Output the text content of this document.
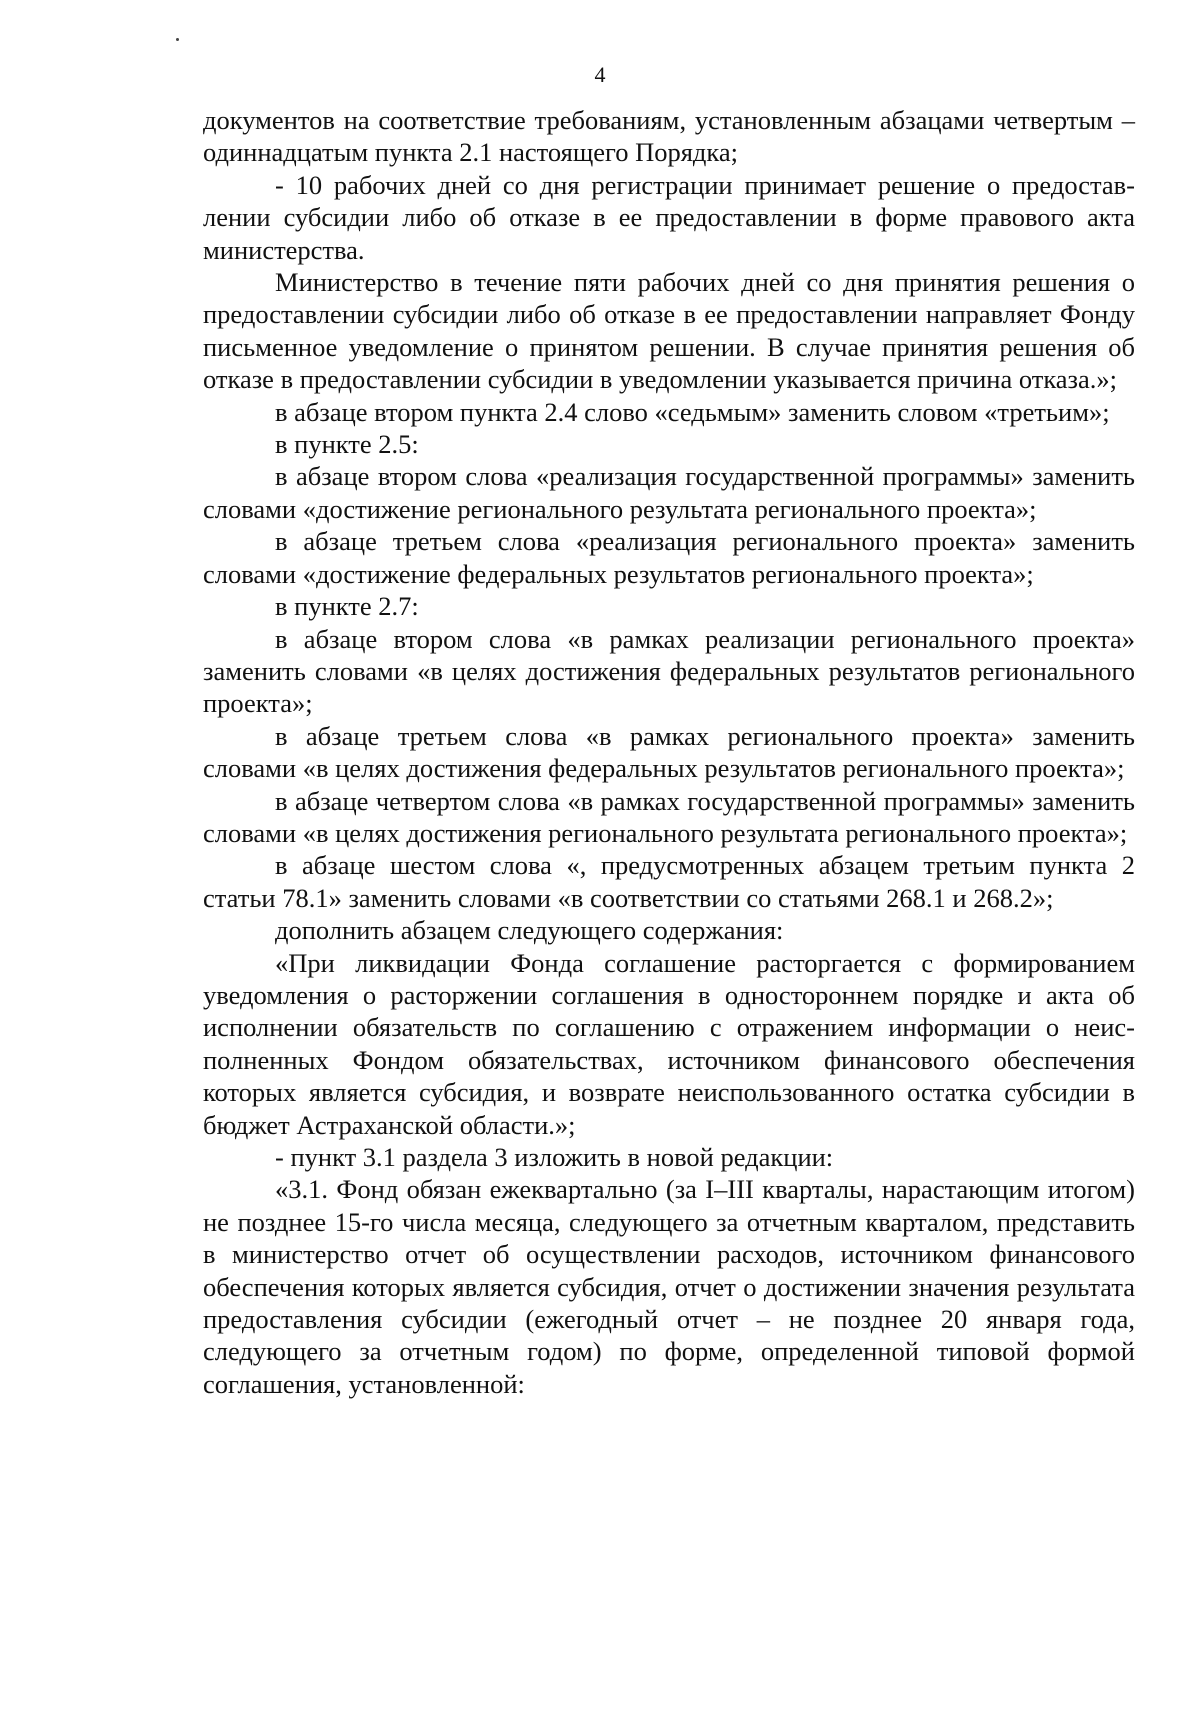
4

документов на соответствие требованиям, установленным абзацами четвертым – одиннадцатым пункта 2.1 настоящего Порядка;

- 10 рабочих дней со дня регистрации принимает решение о предоставлении субсидии либо об отказе в ее предоставлении в форме правового акта министерства.

Министерство в течение пяти рабочих дней со дня принятия решения о предоставлении субсидии либо об отказе в ее предоставлении направляет Фонду письменное уведомление о принятом решении. В случае принятия решения об отказе в предоставлении субсидии в уведомлении указывается причина отказа.»;

в абзаце втором пункта 2.4 слово «седьмым» заменить словом «третьим»;

в пункте 2.5:

в абзаце втором слова «реализация государственной программы» заменить словами «достижение регионального результата регионального проекта»;

в абзаце третьем слова «реализация регионального проекта» заменить словами «достижение федеральных результатов регионального проекта»;

в пункте 2.7:

в абзаце втором слова «в рамках реализации регионального проекта» заменить словами «в целях достижения федеральных результатов регионального проекта»;

в абзаце третьем слова «в рамках регионального проекта» заменить словами «в целях достижения федеральных результатов регионального проекта»;

в абзаце четвертом слова «в рамках государственной программы» заменить словами «в целях достижения регионального результата регионального проекта»;

в абзаце шестом слова «, предусмотренных абзацем третьим пункта 2 статьи 78.1» заменить словами «в соответствии со статьями 268.1 и 268.2»;

дополнить абзацем следующего содержания:

«При ликвидации Фонда соглашение расторгается с формированием уведомления о расторжении соглашения в одностороннем порядке и акта об исполнении обязательств по соглашению с отражением информации о неисполненных Фондом обязательствах, источником финансового обеспечения которых является субсидия, и возврате неиспользованного остатка субсидии в бюджет Астраханской области.»;

- пункт 3.1 раздела 3 изложить в новой редакции:

«3.1. Фонд обязан ежеквартально (за I–III кварталы, нарастающим итогом) не позднее 15-го числа месяца, следующего за отчетным кварталом, представить в министерство отчет об осуществлении расходов, источником финансового обеспечения которых является субсидия, отчет о достижении значения результата предоставления субсидии (ежегодный отчет – не позднее 20 января года, следующего за отчетным годом) по форме, определенной типовой формой соглашения, установленной:
